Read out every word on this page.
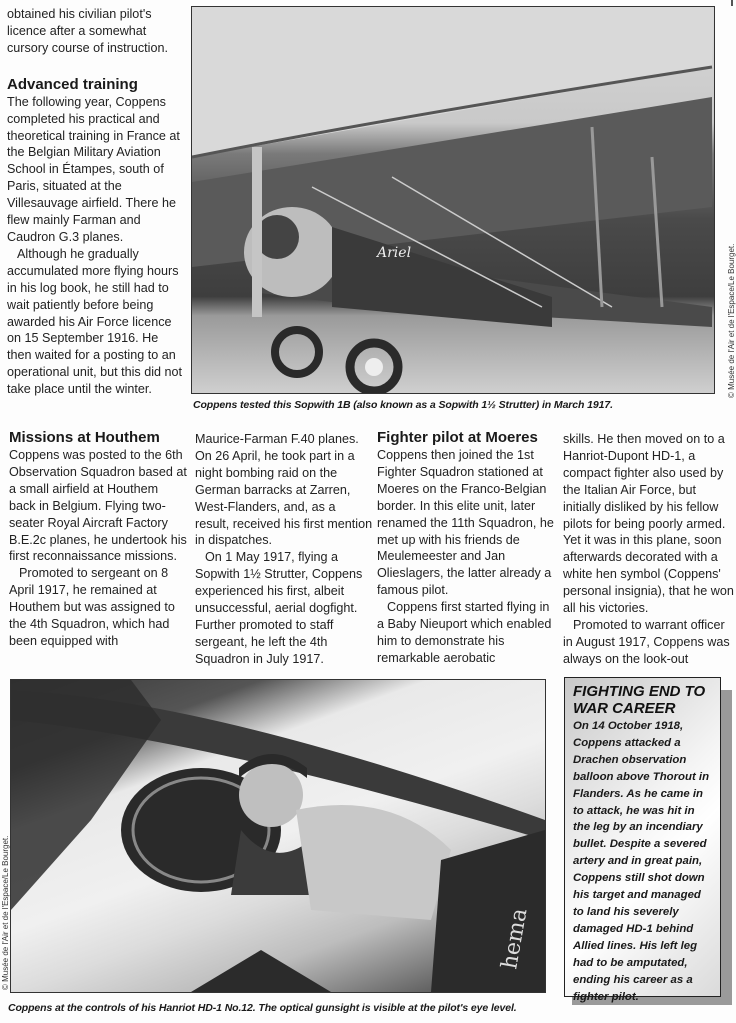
obtained his civilian pilot's licence after a somewhat cursory course of instruction.

Advanced training

The following year, Coppens completed his practical and theoretical training in France at the Belgian Military Aviation School in Étampes, south of Paris, situated at the Villesauvage airfield. There he flew mainly Farman and Caudron G.3 planes.

Although he gradually accumulated more flying hours in his log book, he still had to wait patiently before being awarded his Air Force licence on 15 September 1916. He then waited for a posting to an operational unit, but this did not take place until the winter.

Ariel	© Musée de l'Air et de l'Espace/Le Bourget.
Coppens tested this Sopwith 1B (also known as a Sopwith 1½ Strutter) in March 1917.
Missions at Houthem

Coppens was posted to the 6th Observation Squadron based at a small airfield at Houthem back in Belgium. Flying two-seater Royal Aircraft Factory B.E.2c planes, he undertook his first reconnaissance missions.

Promoted to sergeant on 8 April 1917, he remained at Houthem but was assigned to the 4th Squadron, which had been equipped with

Maurice-Farman F.40 planes. On 26 April, he took part in a night bombing raid on the German barracks at Zarren, West-Flanders, and, as a result, received his first mention in dispatches.

On 1 May 1917, flying a Sopwith 1½ Strutter, Coppens experienced his first, albeit unsuccessful, aerial dogfight. Further promoted to staff sergeant, he left the 4th Squadron in July 1917.

Fighter pilot at Moeres

Coppens then joined the 1st Fighter Squadron stationed at Moeres on the Franco-Belgian border. In this elite unit, later renamed the 11th Squadron, he met up with his friends de Meulemeester and Jan Olieslagers, the latter already a famous pilot.

Coppens first started flying in a Baby Nieuport which enabled him to demonstrate his remarkable aerobatic

skills. He then moved on to a Hanriot-Dupont HD-1, a compact fighter also used by the Italian Air Force, but initially disliked by his fellow pilots for being poorly armed. Yet it was in this plane, soon afterwards decorated with a white hen symbol (Coppens' personal insignia), that he won all his victories.

Promoted to warrant officer in August 1917, Coppens was always on the look-out

hema
© Musée de l'Air et de l'Espace/Le Bourget.
Coppens at the controls of his Hanriot HD-1 No.12. The optical gunsight is visible at the pilot's eye level.
FIGHTING END TO WAR CAREER

On 14 October 1918, Coppens attacked a Drachen observation balloon above Thorout in Flanders. As he came in to attack, he was hit in the leg by an incendiary bullet. Despite a severed artery and in great pain, Coppens still shot down his target and managed to land his severely damaged HD-1 behind Allied lines. His left leg had to be amputated, ending his career as a fighter pilot.
